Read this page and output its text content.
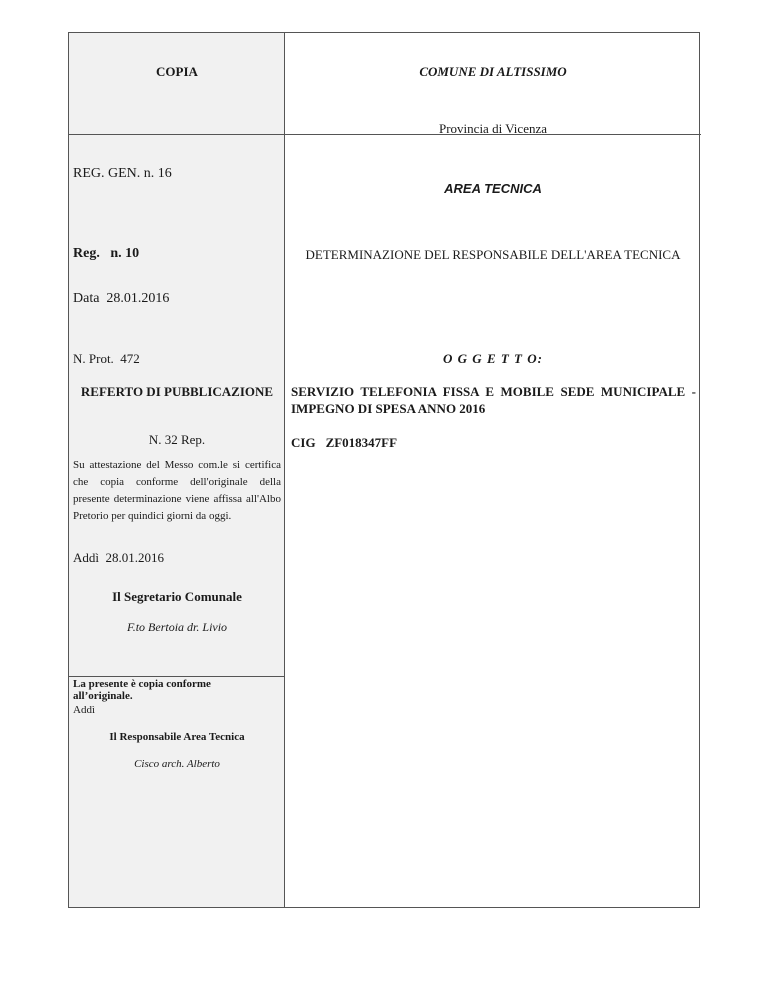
COPIA	COMUNE DI ALTISSIMO
Provincia di Vicenza
REG. GEN. n. 16
AREA TECNICA
Reg.   n. 10	DETERMINAZIONE DEL RESPONSABILE DELL'AREA TECNICA
Data  28.01.2016
N. Prot.  472	O G G E T T O:
REFERTO DI PUBBLICAZIONE	SERVIZIO TELEFONIA FISSA E MOBILE SEDE MUNICIPALE - IMPEGNO DI SPESA ANNO 2016
N. 32 Rep.	CIG ZF018347FF
Su attestazione del Messo com.le si certifica che copia conforme dell'originale della presente determinazione viene affissa all'Albo Pretorio per quindici giorni da oggi.
Addì  28.01.2016
Il Segretario Comunale
F.to Bertoia dr. Livio
La presente è copia conforme
all’originale.
Addì
Il Responsabile Area Tecnica
Cisco arch. Alberto
